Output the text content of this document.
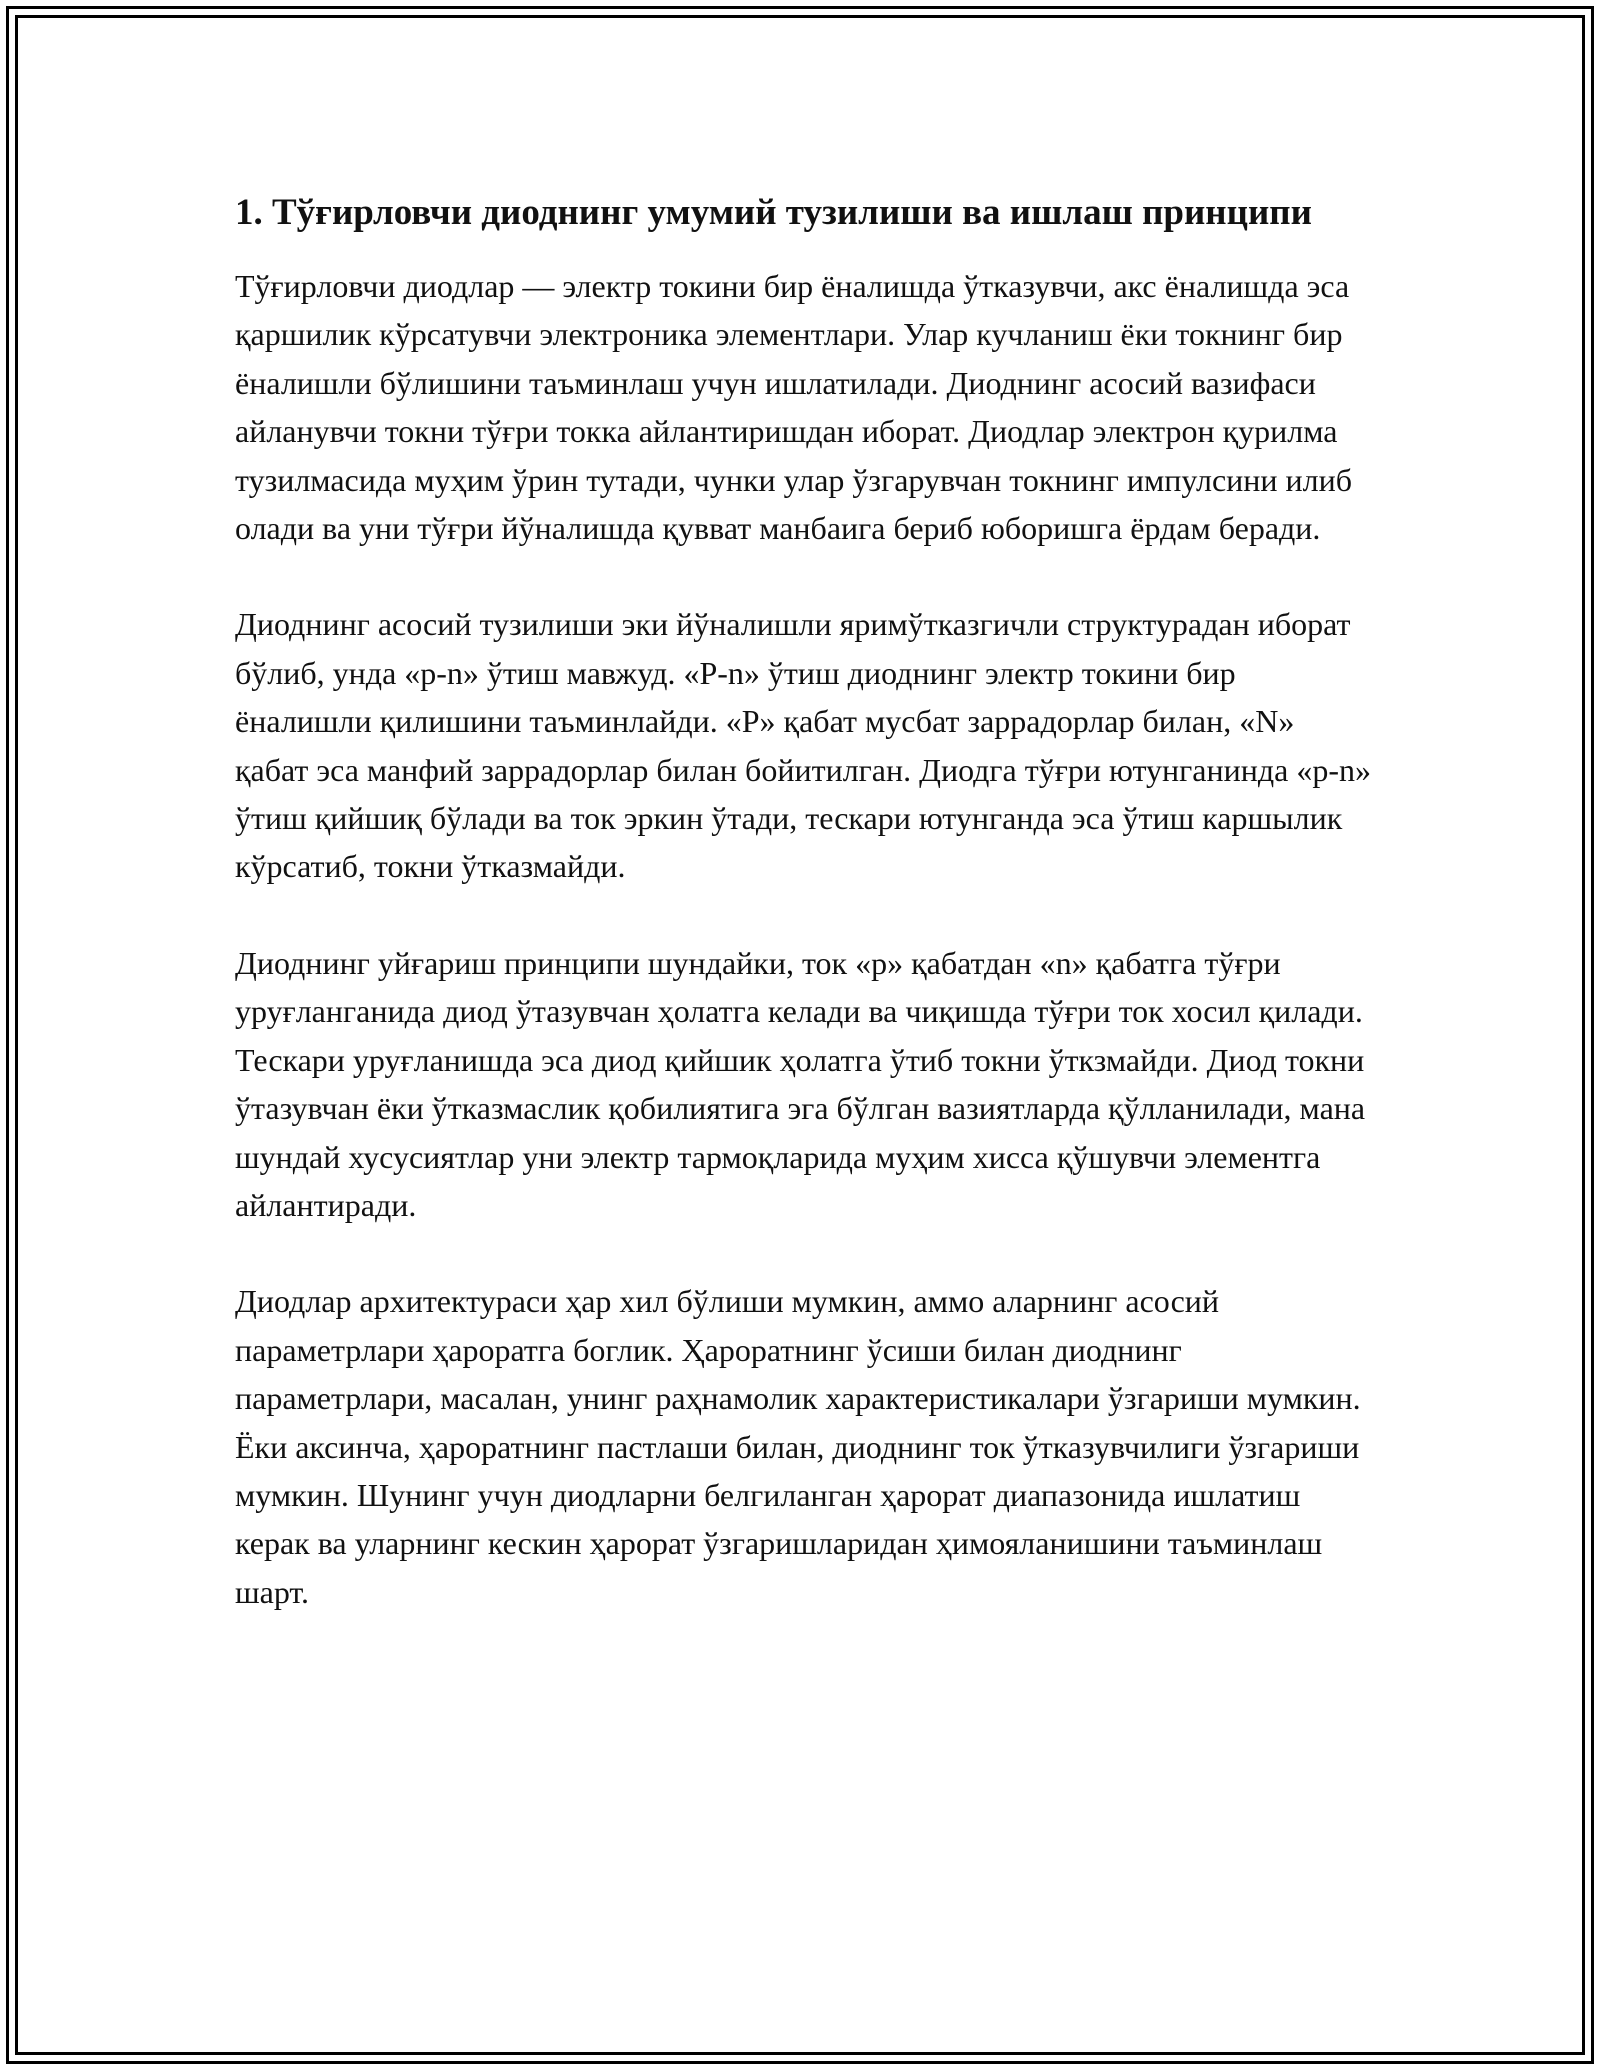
1. Тўғирловчи диоднинг умумий тузилиши ва ишлаш принципи

Тўғирловчи диодлар — электр токини бир ёналишда ўтказувчи, акс ёналишда эса қаршилик кўрсатувчи электроника элементлари. Улар кучланиш ёки токнинг бир ёналишли бўлишини таъминлаш учун ишлатилади. Диоднинг асосий вазифаси айланувчи токни тўғри токка айлантиришдан иборат. Диодлар электрон қурилма тузилмасида муҳим ўрин тутади, чунки улар ўзгарувчан токнинг импулсини илиб олади ва уни тўғри йўналишда қувват манбаига бериб юборишга ёрдам беради.

Диоднинг асосий тузилиши эки йўналишли яримўтказгичли структурадан иборат бўлиб, унда «p-n» ўтиш мавжуд. «P-n» ўтиш диоднинг электр токини бир ёналишли қилишини таъминлайди. «P» қабат мусбат заррадорлар билан, «N» қабат эса манфий заррадорлар билан бойитилган. Диодга тўғри ютунганинда «p-n» ўтиш қийшиқ бўлади ва ток эркин ўтади, тескари ютунганда эса ўтиш каршылик кўрсатиб, токни ўтказмайди.

Диоднинг уйғариш принципи шундайки, ток «p» қабатдан «n» қабатга тўғри уруғланганида диод ўтазувчан ҳолатга келади ва чиқишда тўғри ток хосил қилади. Тескари уруғланишда эса диод қийшик ҳолатга ўтиб токни ўткзмайди. Диод токни ўтазувчан ёки ўтказмаслик қобилиятига эга бўлган вазиятларда қўлланилади, мана шундай хусусиятлар уни электр тармоқларида муҳим хисса қўшувчи элементга айлантиради.

Диодлар архитектураси ҳар хил бўлиши мумкин, аммо аларнинг асосий параметрлари ҳароратга боглик. Ҳароратнинг ўсиши билан диоднинг параметрлари, масалан, унинг раҳнамолик характеристикалари ўзгариши мумкин. Ёки аксинча, ҳароратнинг пастлаши билан, диоднинг ток ўтказувчилиги ўзгариши мумкин. Шунинг учун диодларни белгиланган ҳарорат диапазонида ишлатиш керак ва уларнинг кескин ҳарорат ўзгаришларидан ҳимояланишини таъминлаш шарт.
